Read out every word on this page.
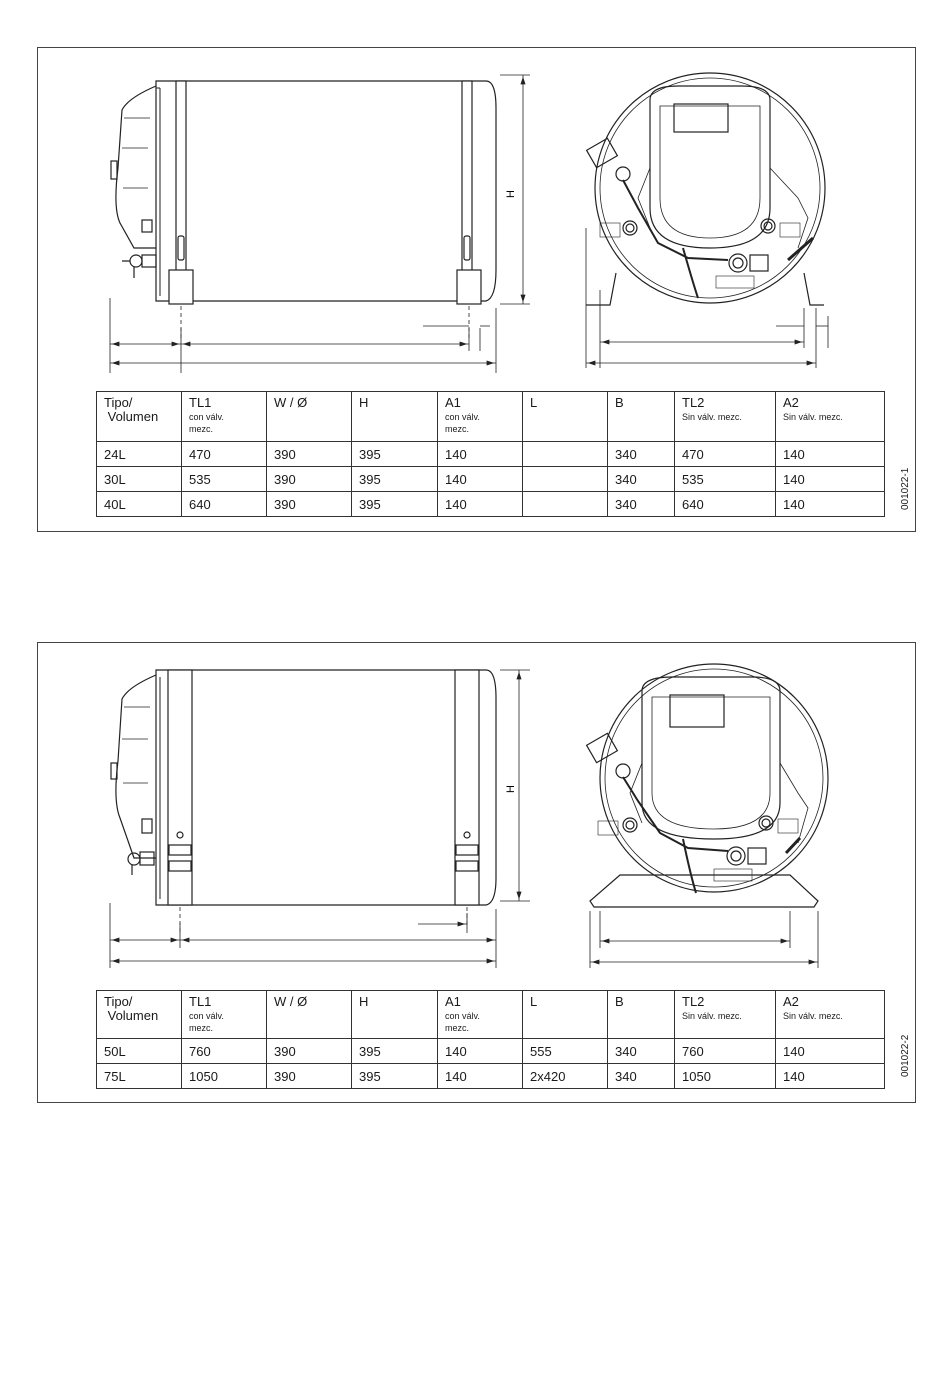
H
Tipo/
Volumen	TL1
con válv.
mezc.	W / Ø	H	A1
con válv.
mezc.	L	B	TL2
Sin válv. mezc.	A2
Sin válv. mezc.

24L	470	390	395	140		340	470	140
30L	535	390	395	140		340	535	140
40L	640	390	395	140		340	640	140	001022-1
H
Tipo/
Volumen	TL1
con válv.
mezc.	W / Ø	H	A1
con válv.
mezc.	L	B	TL2
Sin válv. mezc.	A2
Sin válv. mezc.

50L	760	390	395	140	555	340	760	140
75L	1050	390	395	140	2x420	340	1050	140	001022-2
